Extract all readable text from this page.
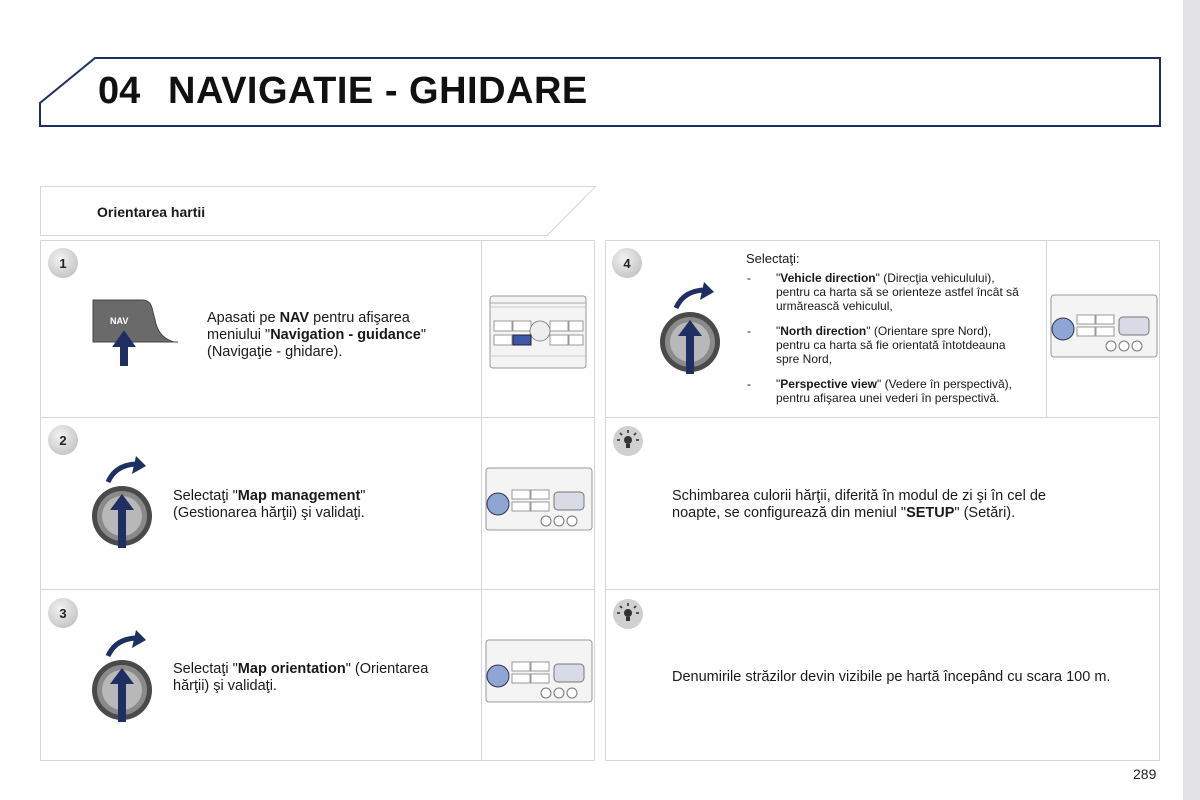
04 NAVIGATIE - GHIDARE
Orientarea hartii
1
NAV	Apasati pe NAV pentru afişarea
meniului "Navigation - guidance"
(Navigaţie - ghidare).
2
Selectaţi "Map management"
(Gestionarea hărţii) şi validaţi.
3
Selectaţi "Map orientation" (Orientarea
hărţii) şi validaţi.
4	Selectaţi:
- "Vehicle direction" (Direcţia vehiculului),
pentru ca harta să se orienteze astfel încât să
urmărească vehiculul,
- "North direction" (Orientare spre Nord),
pentru ca harta să fie orientată întotdeauna
spre Nord,
- "Perspective view" (Vedere în perspectivă),
pentru afişarea unei vederi în perspectivă.
Schimbarea culorii hărţii, diferită în modul de zi şi în cel de
noapte, se configurează din meniul "SETUP" (Setări).
Denumirile străzilor devin vizibile pe hartă începând cu scara 100 m.
289
